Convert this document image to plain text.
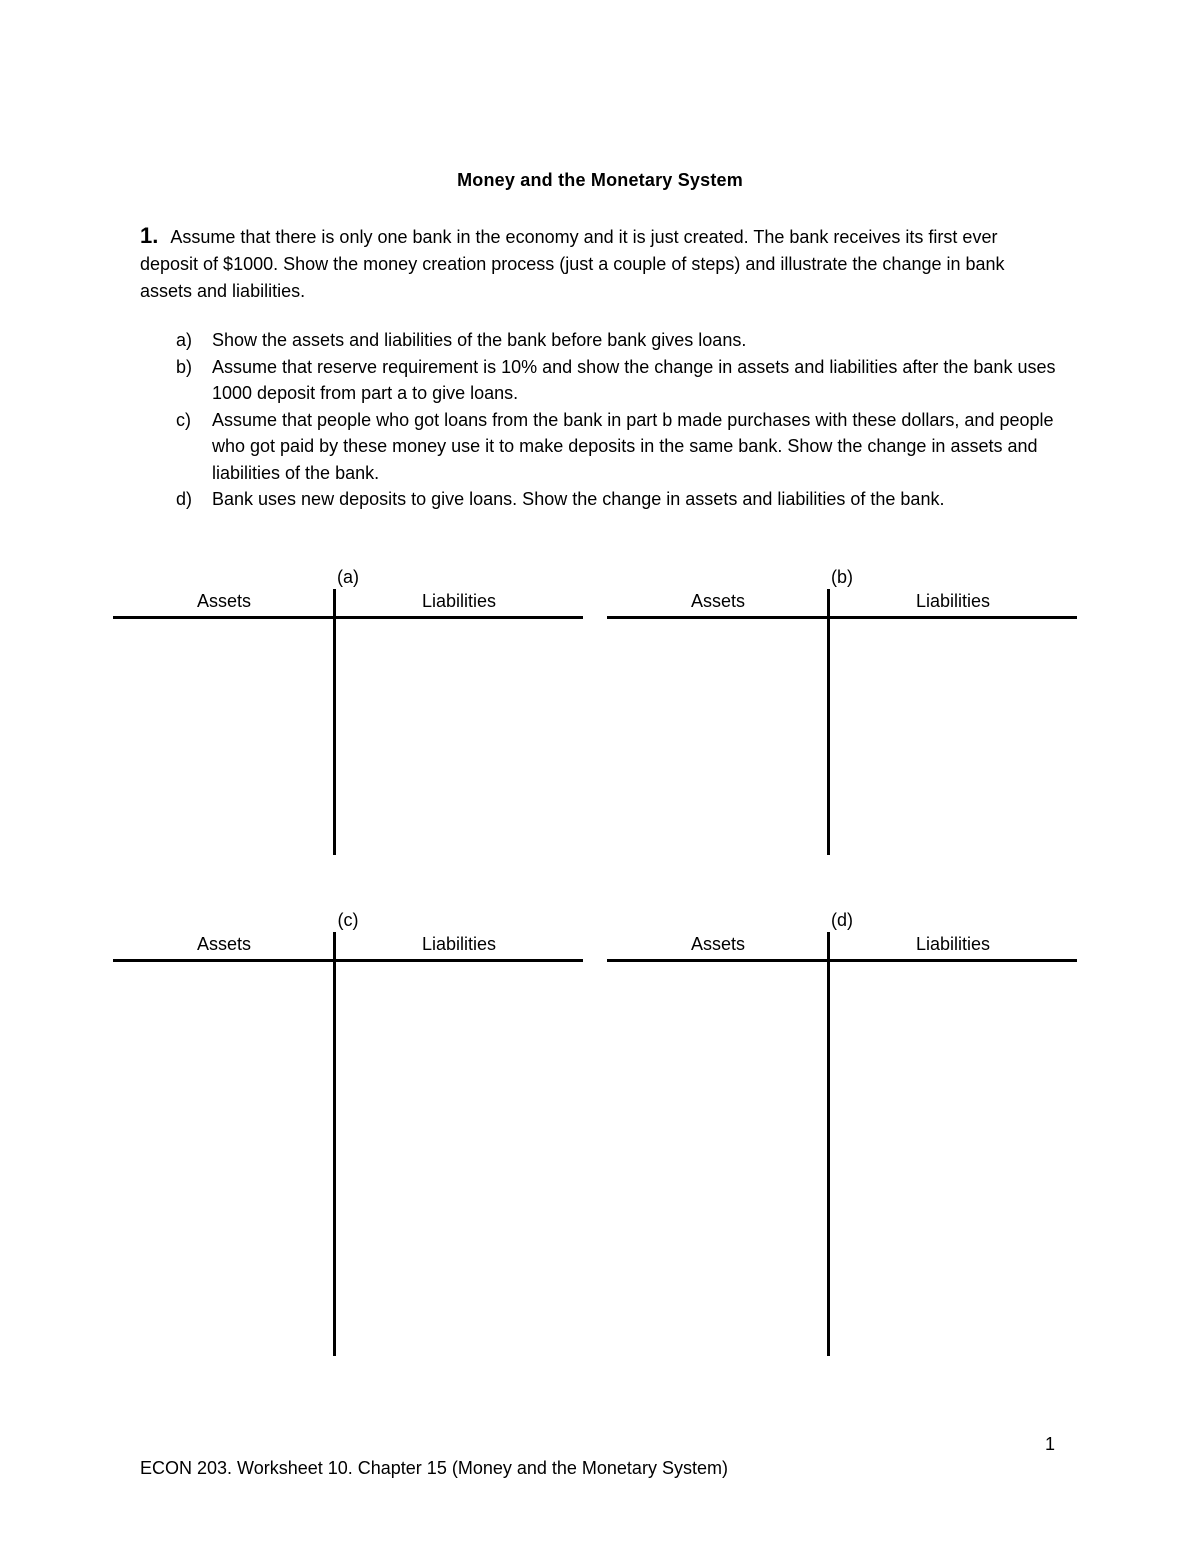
Money and the Monetary System
1. Assume that there is only one bank in the economy and it is just created. The bank receives its first ever deposit of $1000. Show the money creation process (just a couple of steps) and illustrate the change in bank assets and liabilities.
a)	Show the assets and liabilities of the bank before bank gives loans.
b)	Assume that reserve requirement is 10% and show the change in assets and liabilities after the bank uses 1000 deposit from part a to give loans.
c)	Assume that people who got loans from the bank in part b made purchases with these dollars, and people who got paid by these money use it to make deposits in the same bank. Show the change in assets and liabilities of the bank.
d)	Bank uses new deposits to give loans. Show the change in assets and liabilities of the bank.
(a)
Assets	Liabilities
(b)
Assets	Liabilities
(c)
Assets	Liabilities
(d)
Assets	Liabilities
1
ECON 203. Worksheet 10. Chapter 15 (Money and the Monetary System)
